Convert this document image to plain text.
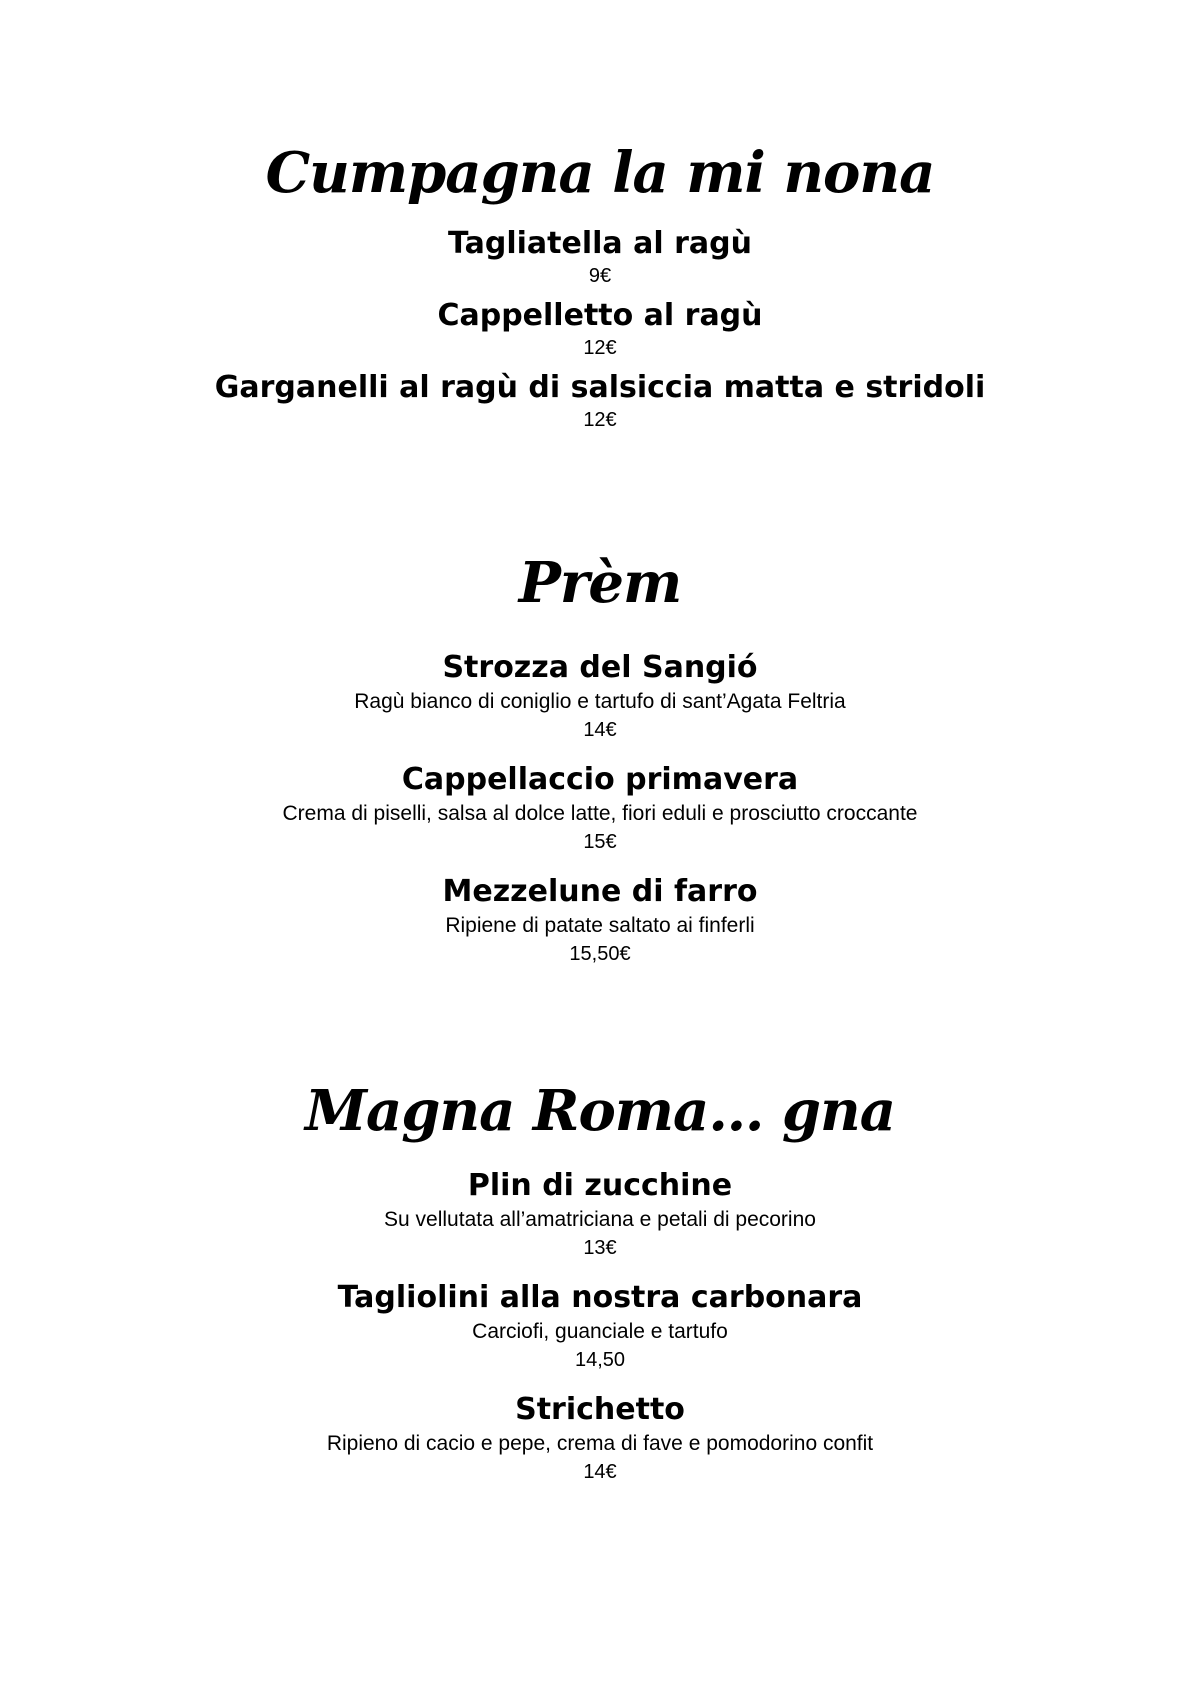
Cumpagna la mi nona
Tagliatella al ragù
9€
Cappelletto al ragù
12€
Garganelli al ragù di salsiccia matta e stridoli
12€
Prèm
Strozza del Sangió
Ragù bianco di coniglio e tartufo di sant’Agata Feltria
14€
Cappellaccio primavera
Crema di piselli, salsa al dolce latte, fiori eduli e prosciutto croccante
15€
Mezzelune di farro
Ripiene di patate saltato ai finferli
15,50€
Magna Roma… gna
Plin di zucchine
Su vellutata all’amatriciana e petali di pecorino
13€
Tagliolini alla nostra carbonara
Carciofi, guanciale e tartufo
14,50
Strichetto
Ripieno di cacio e pepe, crema di fave e pomodorino confit
14€
